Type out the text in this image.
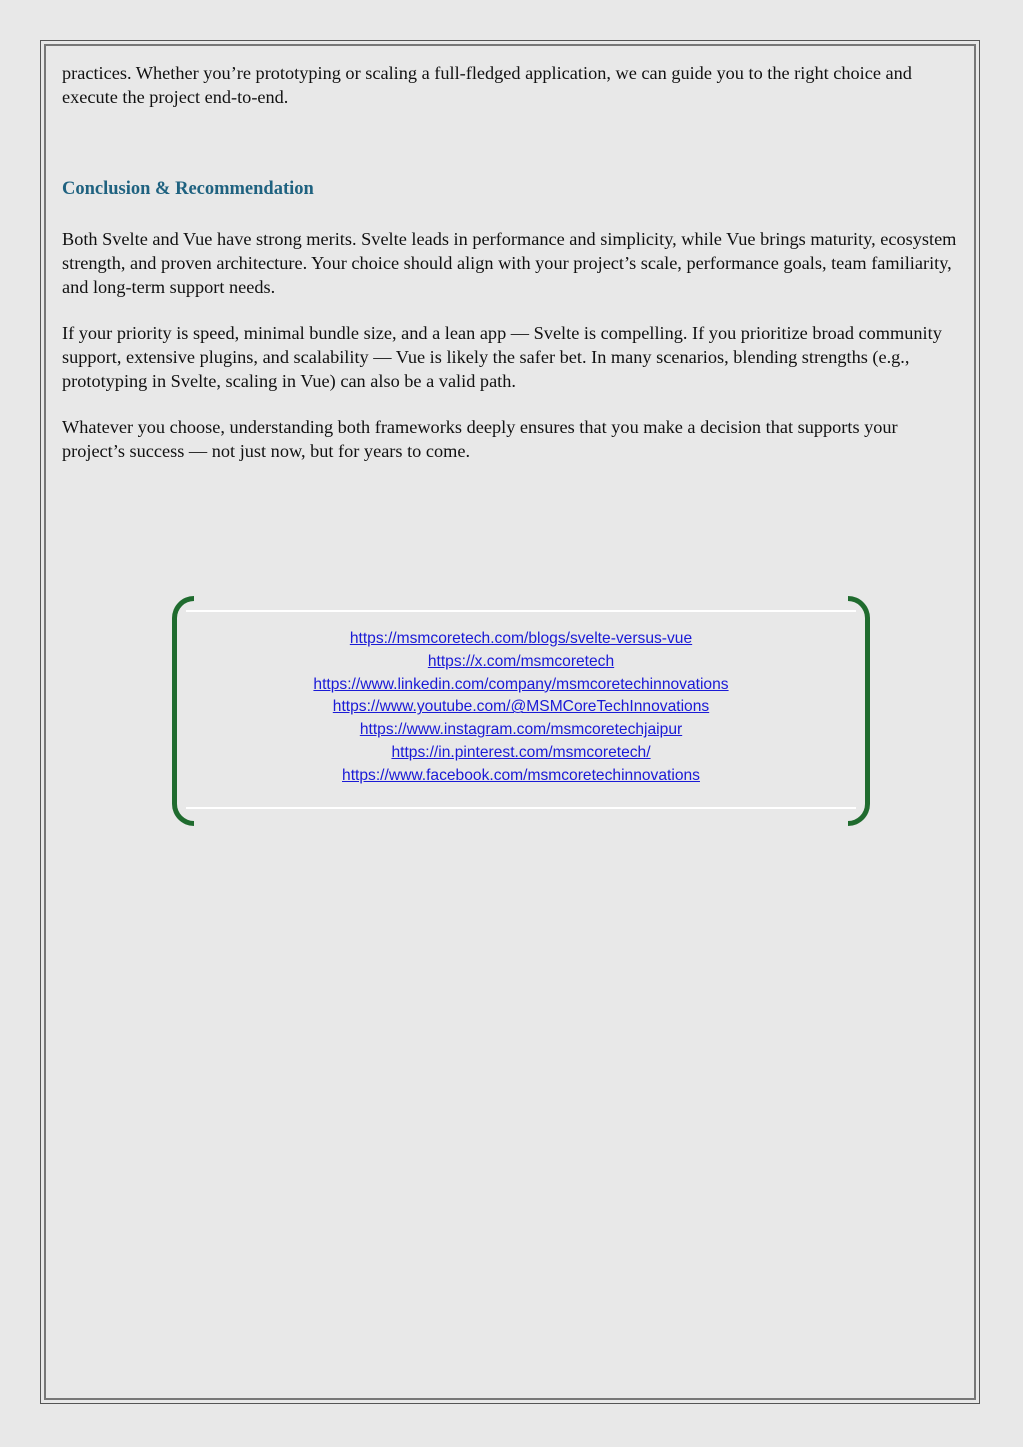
practices. Whether you’re prototyping or scaling a full-fledged application, we can guide you to the right choice and execute the project end-to-end.

Conclusion & Recommendation

Both Svelte and Vue have strong merits. Svelte leads in performance and simplicity, while Vue brings maturity, ecosystem strength, and proven architecture. Your choice should align with your project’s scale, performance goals, team familiarity, and long-term support needs.

If your priority is speed, minimal bundle size, and a lean app — Svelte is compelling. If you prioritize broad community support, extensive plugins, and scalability — Vue is likely the safer bet. In many scenarios, blending strengths (e.g., prototyping in Svelte, scaling in Vue) can also be a valid path.

Whatever you choose, understanding both frameworks deeply ensures that you make a decision that supports your project’s success — not just now, but for years to come.

https://msmcoretech.com/blogs/svelte-versus-vue
https://x.com/msmcoretech
https://www.linkedin.com/company/msmcoretechinnovations
https://www.youtube.com/@MSMCoreTechInnovations
https://www.instagram.com/msmcoretechjaipur
https://in.pinterest.com/msmcoretech/
https://www.facebook.com/msmcoretechinnovations
